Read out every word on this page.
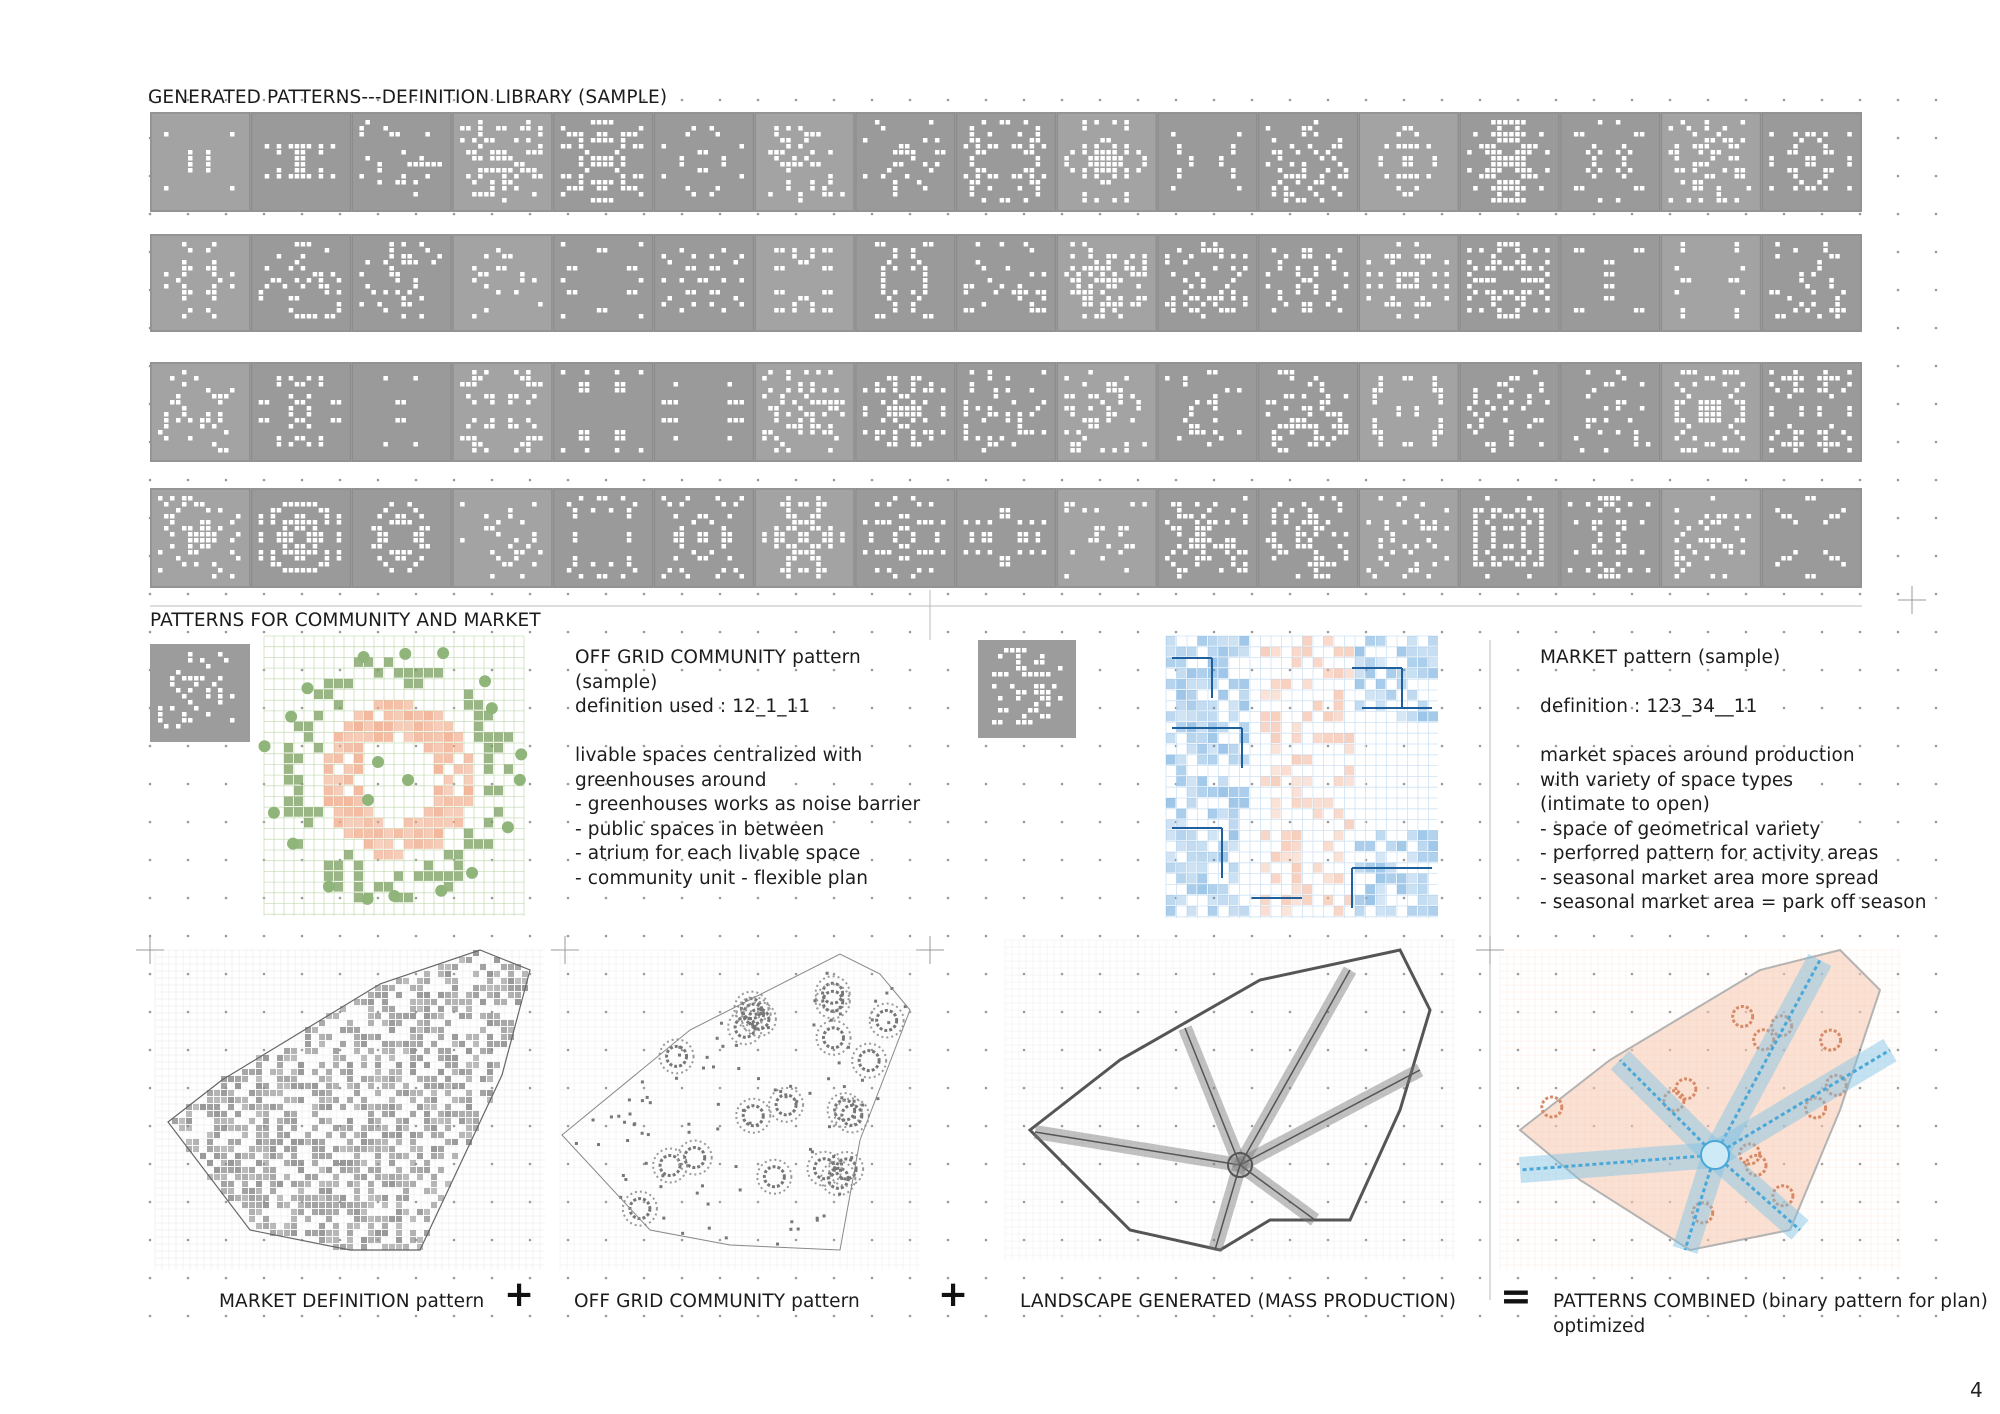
GENERATED PATTERNS---DEFINITION LIBRARY (SAMPLE)
PATTERNS FOR COMMUNITY AND MARKET
OFF GRID COMMUNITY pattern
(sample)
definition used : 12_1_11
livable spaces centralized with
greenhouses around
- greenhouses works as noise barrier
- public spaces in between
- atrium for each livable space
- community unit - flexible plan
MARKET pattern (sample)
definition : 123_34__11
market spaces around production
with variety of space types
(intimate to open)
- space of geometrical variety
- perforred pattern for activity areas
- seasonal market area more spread
- seasonal market area = park off season
MARKET DEFINITION pattern	OFF GRID COMMUNITY pattern	LANDSCAPE GENERATED (MASS PRODUCTION)	PATTERNS COMBINED (binary pattern for plan)
optimized
+	+	=
4
